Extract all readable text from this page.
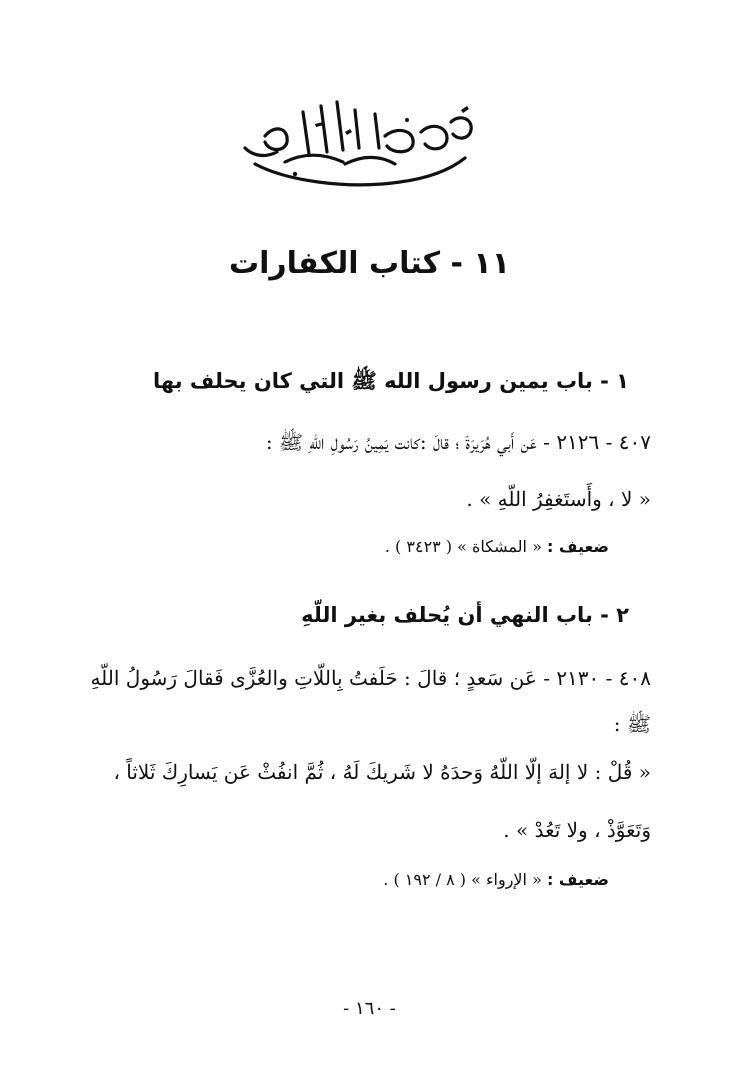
١١ - كتاب الكفارات
١ - باب يمين رسول الله ﷺ التي كان يحلف بها
٤٠٧ - ٢١٢٦ - عَن أَبي هُرَيرَةَ ؛ قالَ :كانت يَمِينُ رَسُولِ اللّهِ ﷺ :
« لا ، وأَستَغفِرُ اللّهِ » .
ضعيف : « المشكاة » ( ٣٤٢٣ ) .
٢ - باب النهي أن يُحلف بغير اللّهِ
٤٠٨ - ٢١٣٠ - عَن سَعدٍ ؛ قالَ : حَلَفتُ بِاللّاتِ والعُزَّى فَقالَ رَسُولُ اللّهِ
ﷺ :
« قُلْ : لا إلهَ إلّا اللّهُ وَحدَهُ لا شَريكَ لَهُ ، ثُمَّ انفُثْ عَن يَسارِكَ ثَلاثاً ،
وَتَعَوَّذْ ، ولا تَعُدْ » .
ضعيف : « الإرواء » ( ٨ / ١٩٢ ) .
- ١٦٠ -
